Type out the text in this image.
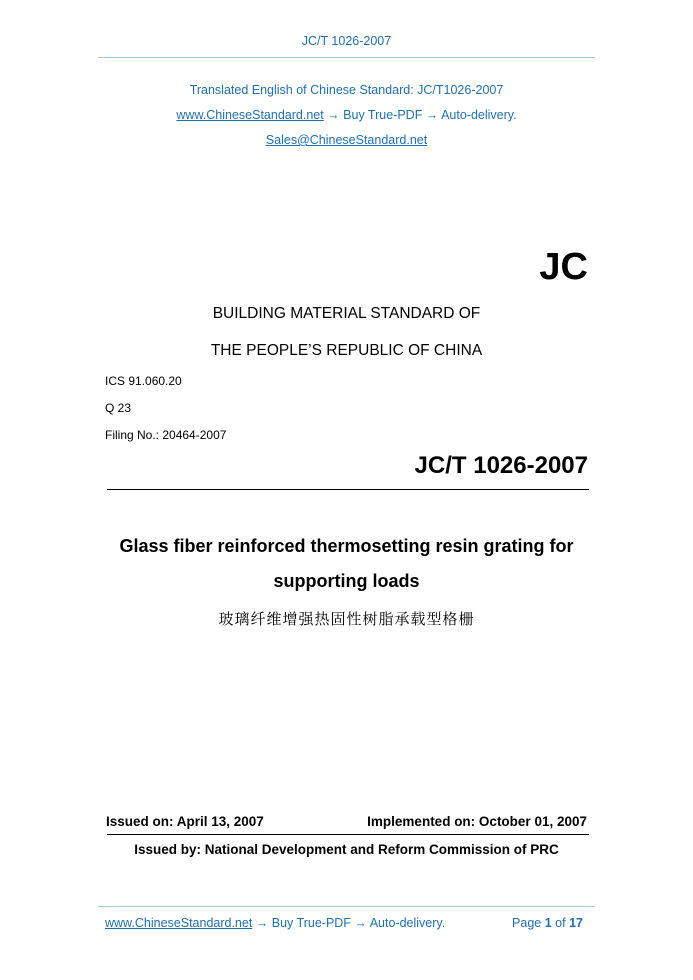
JC/T 1026-2007
Translated English of Chinese Standard: JC/T1026-2007
www.ChineseStandard.net → Buy True-PDF → Auto-delivery.
Sales@ChineseStandard.net
JC
BUILDING MATERIAL STANDARD OF
THE PEOPLE’S REPUBLIC OF CHINA
ICS 91.060.20
Q 23
Filing No.: 20464-2007
JC/T 1026-2007
Glass fiber reinforced thermosetting resin grating for
supporting loads
玻璃纤维增强热固性树脂承载型格栅
Issued on: April 13, 2007	Implemented on: October 01, 2007
Issued by: National Development and Reform Commission of PRC
www.ChineseStandard.net → Buy True-PDF → Auto-delivery.	Page 1 of 17
